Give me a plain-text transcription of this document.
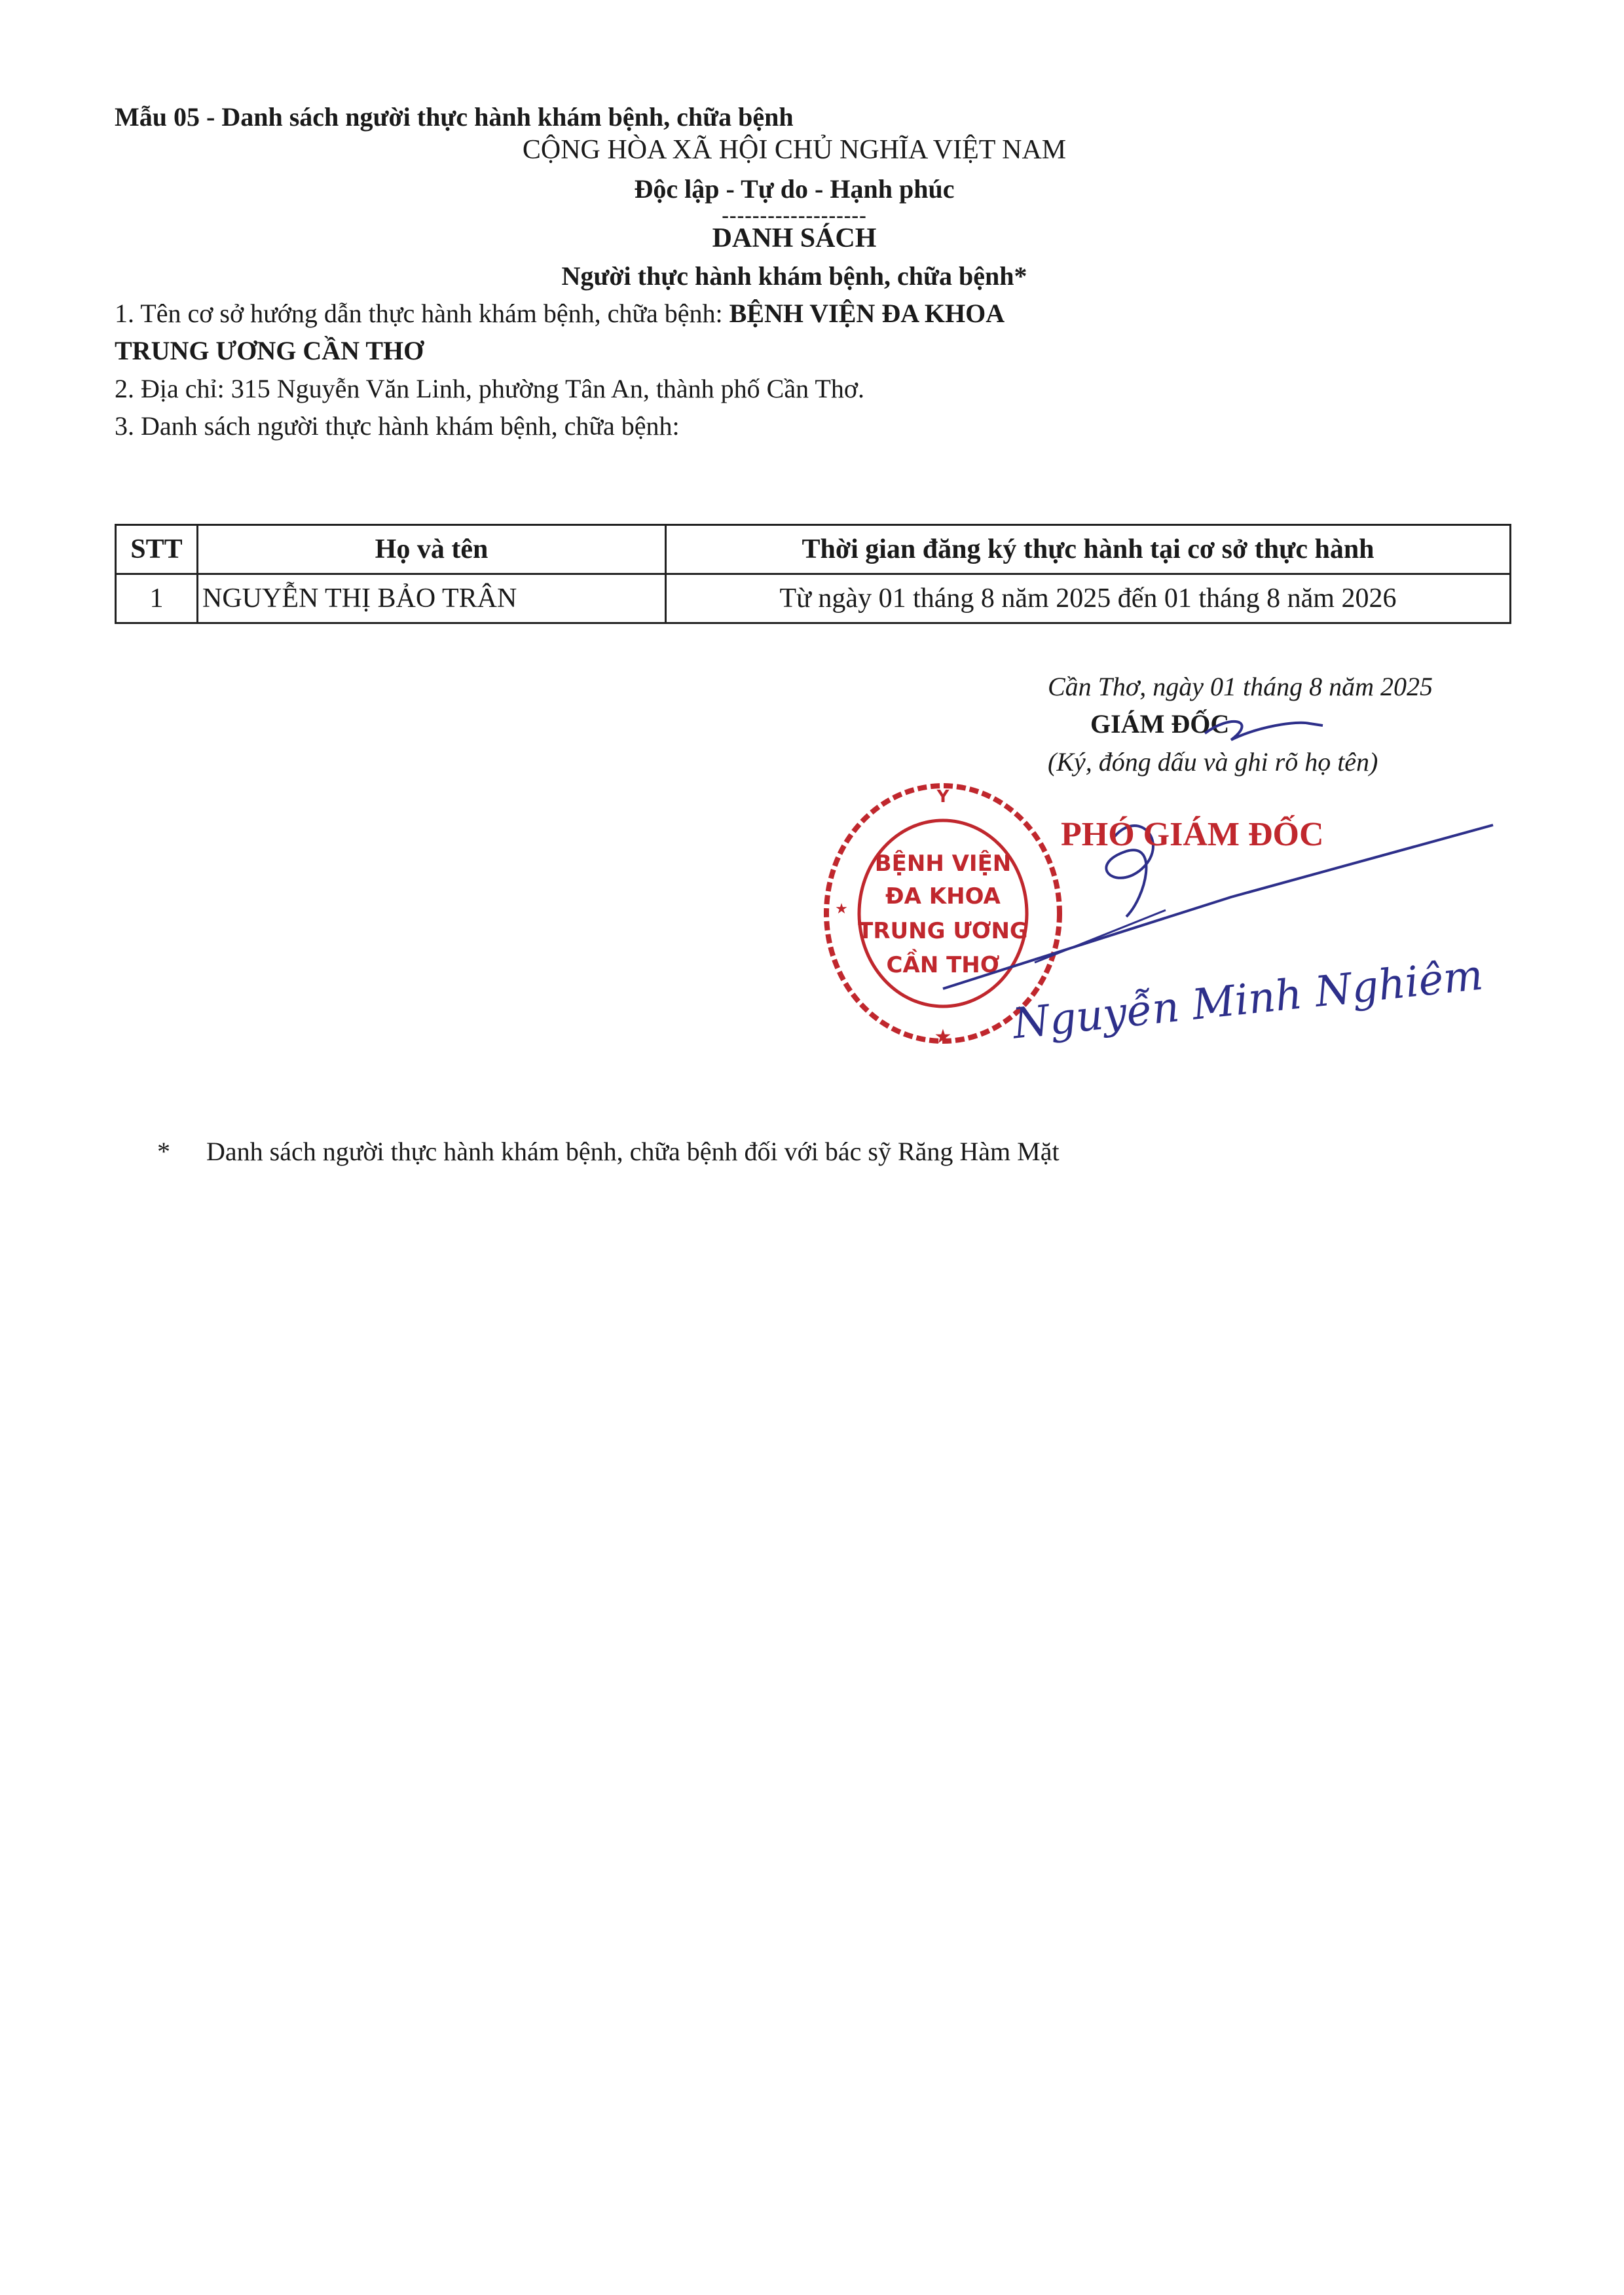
Mẫu 05 - Danh sách người thực hành khám bệnh, chữa bệnh
CỘNG HÒA XÃ HỘI CHỦ NGHĨA VIỆT NAM
Độc lập - Tự do - Hạnh phúc
-------------------
DANH SÁCH
Người thực hành khám bệnh, chữa bệnh*
1. Tên cơ sở hướng dẫn thực hành khám bệnh, chữa bệnh: BỆNH VIỆN ĐA KHOA
TRUNG ƯƠNG CẦN THƠ
2. Địa chỉ: 315 Nguyễn Văn Linh, phường Tân An, thành phố Cần Thơ.
3. Danh sách người thực hành khám bệnh, chữa bệnh:
STT	Họ và tên	Thời gian đăng ký thực hành tại cơ sở thực hành
1	NGUYỄN THỊ BẢO TRÂN	Từ ngày 01 tháng 8 năm 2025 đến 01 tháng 8 năm 2026
Cần Thơ, ngày 01 tháng 8 năm 2025
GIÁM ĐỐC
(Ký, đóng dấu và ghi rõ họ tên)
Y
★
★
BỆNH VIỆN
ĐA KHOA
TRUNG ƯƠNG
CẦN THƠ
PHÓ GIÁM ĐỐC
Nguyễn Minh Nghiêm
* Danh sách người thực hành khám bệnh, chữa bệnh đối với bác sỹ Răng Hàm Mặt
